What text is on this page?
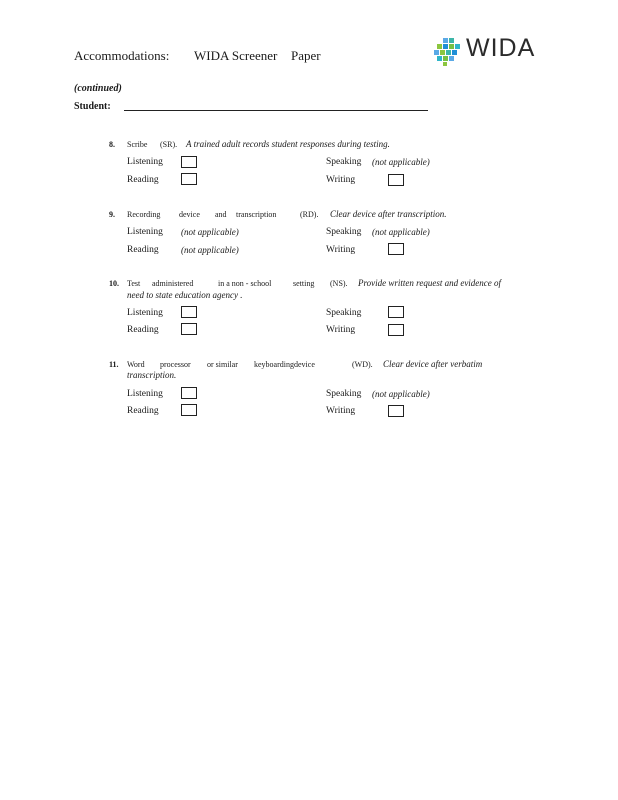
Accommodations: WIDA Screener Paper	WIDA
(continued)
Student:
8. Scribe (SR). A trained adult records student responses during testing.
Listening	Speaking (not applicable)
Reading	Writing
9. Recording device and transcription	(RD). Clear device after transcription.
Listening (not applicable)	Speaking (not applicable)
Reading (not applicable)	Writing
10. Test administered	in a non - school	setting (NS). Provide written request and evidence of
need to state education agency .
Listening	Speaking
Reading	Writing
11. Word processor or similar keyboardingdevice	(WD). Clear device after verbatim
transcription.
Listening	Speaking (not applicable)
Reading	Writing
